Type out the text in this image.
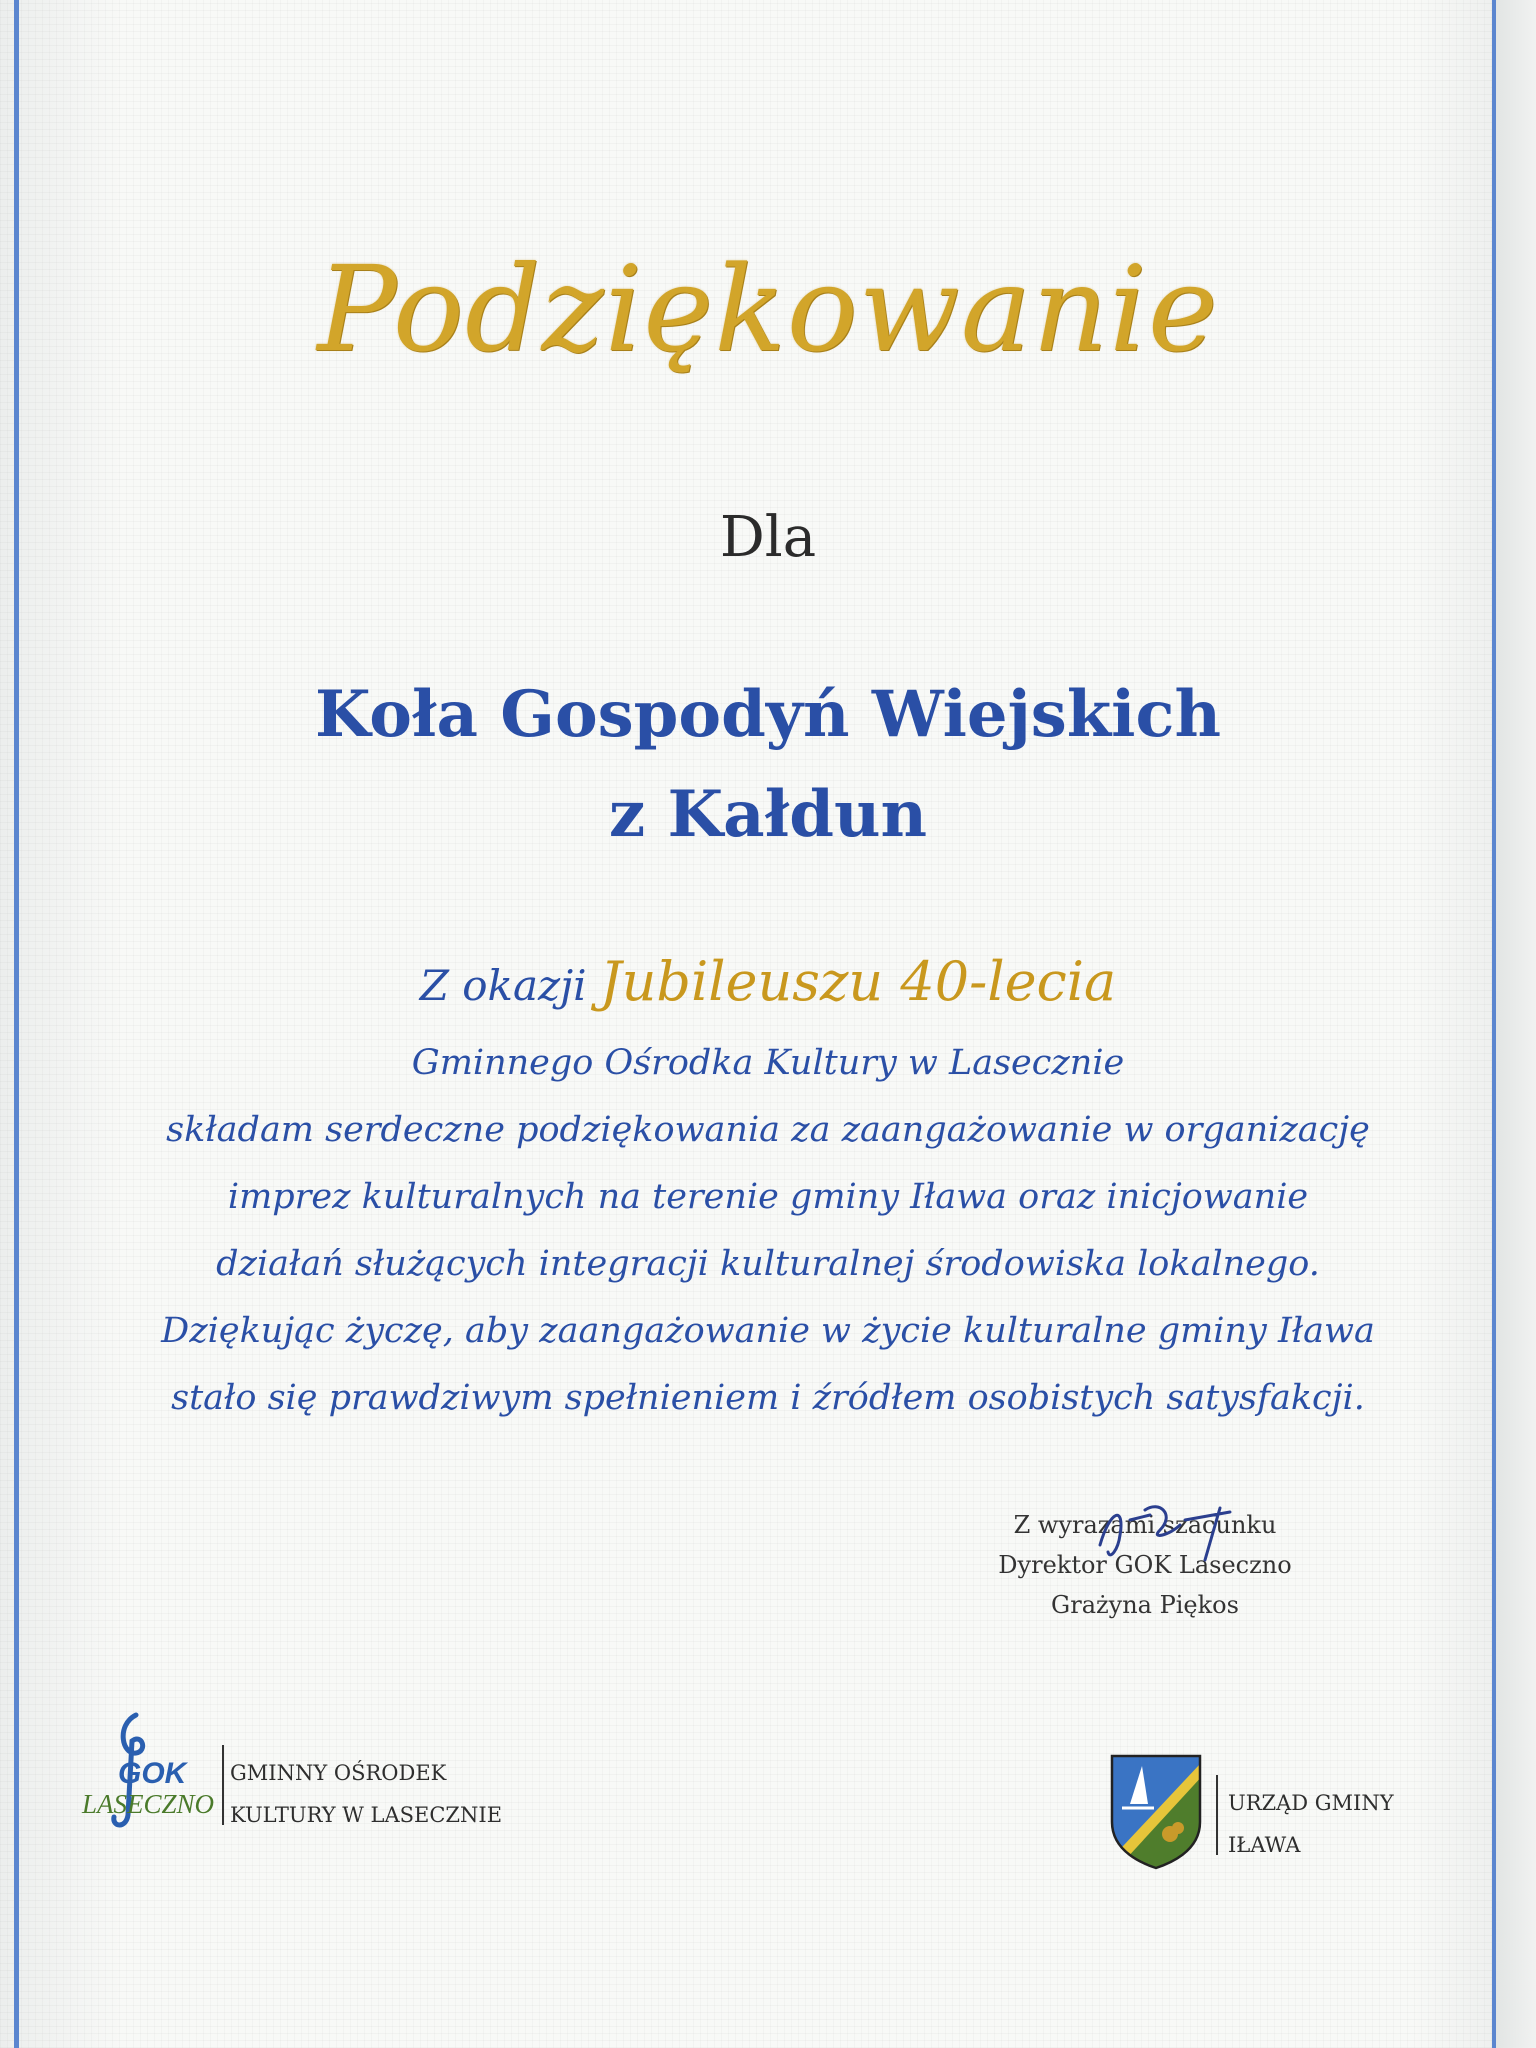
Podziękowanie
Dla
Koła Gospodyń Wiejskich
z Kałdun
Z okazji Jubileuszu 40-lecia
Gminnego Ośrodka Kultury w Lasecznie
składam serdeczne podziękowania za zaangażowanie w organizację
imprez kulturalnych na terenie gminy Iława oraz inicjowanie
działań służących integracji kulturalnej środowiska lokalnego.
Dziękując życzę, aby zaangażowanie w życie kulturalne gminy Iława
stało się prawdziwym spełnieniem i źródłem osobistych satysfakcji.
Z wyrazami szacunku
Dyrektor GOK Laseczno
Grażyna Piękos
GOK
LASECZNO
GMINNY OŚRODEK
KULTURY W LASECZNIE	URZĄD GMINY
IŁAWA
